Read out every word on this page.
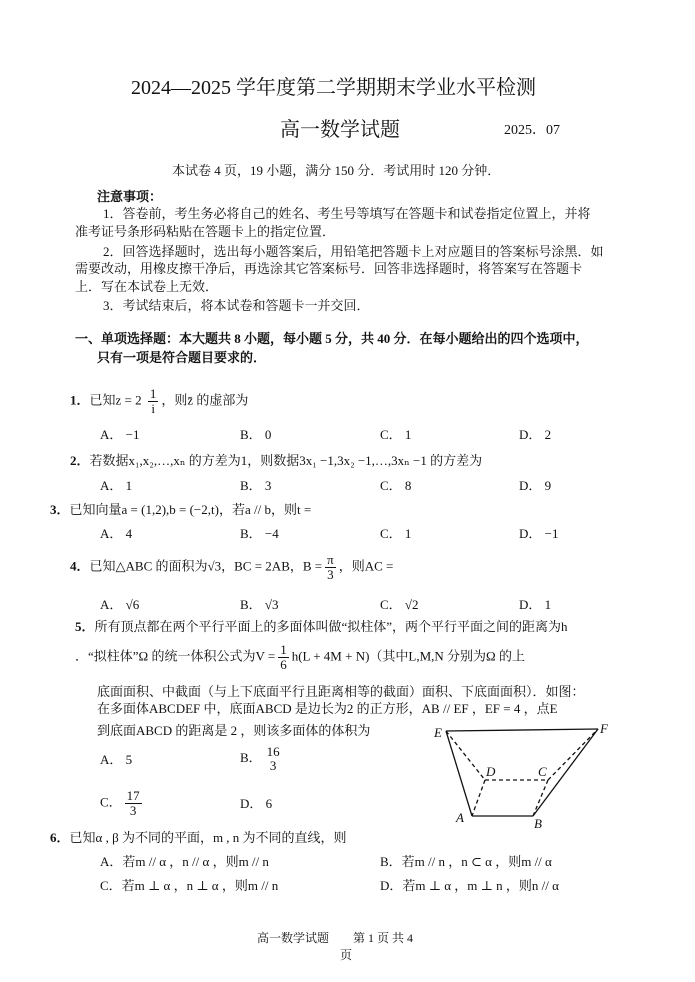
2024—2025 学年度第二学期期末学业水平检测
高一数学试题	2025．07
本试卷 4 页，19 小题，满分 150 分．考试用时 120 分钟．
注意事项：
1．答卷前，考生务必将自己的姓名、考生号等填写在答题卡和试卷指定位置上，并将
准考证号条形码粘贴在答题卡上的指定位置．
2．回答选择题时，选出每小题答案后，用铅笔把答题卡上对应题目的答案标号涂黑．如
需要改动，用橡皮擦干净后，再选涂其它答案标号．回答非选择题时，将答案写在答题卡
上．写在本试卷上无效．
3．考试结束后，将本试卷和答题卡一并交回．
一、单项选择题：本大题共 8 小题，每小题 5 分，共 40 分．在每小题给出的四个选项中，
只有一项是符合题目要求的．
1．已知$z = 2 \frac{1}{i}$ ，则z̄ 的虚部为
A． −1	B． 0	C． 1	D． 2
2．若数据x₁,x₂,…,xₙ 的方差为1，则数据3x₁ −1,3x₂ −1,…,3xₙ −1 的方差为
A． 1	B． 3	C． 8	D． 9
3．已知向量a = (1,2),b = (−2,t)，若a // b，则t =
A． 4	B． −4	C． 1	D． −1
4．已知△ABC 的面积为√3，BC = 2AB，$B = \frac{\pi}{3}$ ，则AC =
A． √6	B． √3	C． √2	D． 1
5．所有顶点都在两个平行平面上的多面体叫做“拟柱体”，两个平行平面之间的距离为h
．“拟柱体”Ω 的统一体积公式为$V = \frac{1}{6} h(L + 4M + N)$（其中L,M,N 分别为Ω 的上
底面面积、中截面（与上下底面平行且距离相等的截面）面积、下底面面积）．如图：
在多面体ABCDEF 中，底面ABCD 是边长为2 的正方形，AB // EF ，EF = 4 ，点E
到底面ABCD 的距离是 2 ，则该多面体的体积为
A． 5	B． 16
3
C． $\frac{17}{3}$	D． 6
E	F
D	C
A	B
6．已知α , β 为不同的平面，m , n 为不同的直线，则
A．若m // α ，n // α ，则m // n	B．若m // n ，n ⊂ α ，则m // α
C．若m ⊥ α ，n ⊥ α ，则m // n	D．若m ⊥ α ，m ⊥ n ，则n // α
高一数学试题　　第 1 页 共 4
页
